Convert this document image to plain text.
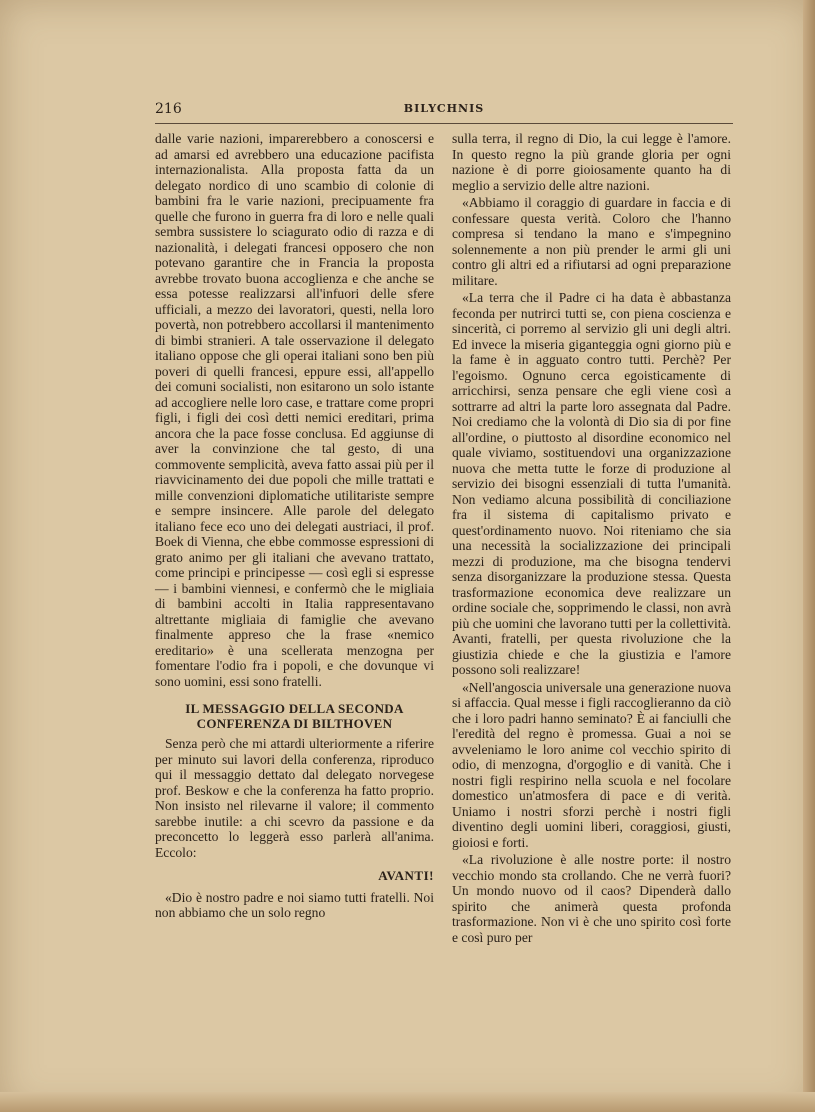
216	BILYCHNIS

dalle varie nazioni, imparerebbero a conoscersi e ad amarsi ed avrebbero una educazione pacifista internazionalista. Alla proposta fatta da un delegato nordico di uno scambio di colonie di bambini fra le varie nazioni, precipuamente fra quelle che furono in guerra fra di loro e nelle quali sembra sussistere lo sciagurato odio di razza e di nazionalità, i delegati francesi opposero che non potevano garantire che in Francia la proposta avrebbe trovato buona accoglienza e che anche se essa potesse realizzarsi all'infuori delle sfere ufficiali, a mezzo dei lavoratori, questi, nella loro povertà, non potrebbero accollarsi il mantenimento di bimbi stranieri. A tale osservazione il delegato italiano oppose che gli operai italiani sono ben più poveri di quelli francesi, eppure essi, all'appello dei comuni socialisti, non esitarono un solo istante ad accogliere nelle loro case, e trattare come propri figli, i figli dei così detti nemici ereditari, prima ancora che la pace fosse conclusa. Ed aggiunse di aver la convinzione che tal gesto, di una commovente semplicità, aveva fatto assai più per il riavvicinamento dei due popoli che mille trattati e mille convenzioni diplomatiche utilitariste sempre e sempre insincere. Alle parole del delegato italiano fece eco uno dei delegati austriaci, il prof. Boek di Vienna, che ebbe commosse espressioni di grato animo per gli italiani che avevano trattato, come principi e principesse — così egli si espresse — i bambini viennesi, e confermò che le migliaia di bambini accolti in Italia rappresentavano altrettante migliaia di famiglie che avevano finalmente appreso che la frase «nemico ereditario» è una scellerata menzogna per fomentare l'odio fra i popoli, e che dovunque vi sono uomini, essi sono fratelli.

IL MESSAGGIO DELLA SECONDA CONFERENZA DI BILTHOVEN

Senza però che mi attardi ulteriormente a riferire per minuto sui lavori della conferenza, riproduco qui il messaggio dettato dal delegato norvegese prof. Beskow e che la conferenza ha fatto proprio. Non insisto nel rilevarne il valore; il commento sarebbe inutile: a chi scevro da passione e da preconcetto lo leggerà esso parlerà all'anima. Eccolo:

AVANTI!

«Dio è nostro padre e noi siamo tutti fratelli. Noi non abbiamo che un solo regno

sulla terra, il regno di Dio, la cui legge è l'amore. In questo regno la più grande gloria per ogni nazione è di porre gioiosamente quanto ha di meglio a servizio delle altre nazioni.

«Abbiamo il coraggio di guardare in faccia e di confessare questa verità. Coloro che l'hanno compresa si tendano la mano e s'impegnino solennemente a non più prender le armi gli uni contro gli altri ed a rifiutarsi ad ogni preparazione militare.

«La terra che il Padre ci ha data è abbastanza feconda per nutrirci tutti se, con piena coscienza e sincerità, ci porremo al servizio gli uni degli altri. Ed invece la miseria giganteggia ogni giorno più e la fame è in agguato contro tutti. Perchè? Per l'egoismo. Ognuno cerca egoisticamente di arricchirsi, senza pensare che egli viene così a sottrarre ad altri la parte loro assegnata dal Padre. Noi crediamo che la volontà di Dio sia di por fine all'ordine, o piuttosto al disordine economico nel quale viviamo, sostituendovi una organizzazione nuova che metta tutte le forze di produzione al servizio dei bisogni essenziali di tutta l'umanità. Non vediamo alcuna possibilità di conciliazione fra il sistema di capitalismo privato e quest'ordinamento nuovo. Noi riteniamo che sia una necessità la socializzazione dei principali mezzi di produzione, ma che bisogna tendervi senza disorganizzare la produzione stessa. Questa trasformazione economica deve realizzare un ordine sociale che, sopprimendo le classi, non avrà più che uomini che lavorano tutti per la collettività. Avanti, fratelli, per questa rivoluzione che la giustizia chiede e che la giustizia e l'amore possono soli realizzare!

«Nell'angoscia universale una generazione nuova si affaccia. Qual messe i figli raccoglieranno da ciò che i loro padri hanno seminato? È ai fanciulli che l'eredità del regno è promessa. Guai a noi se avveleniamo le loro anime col vecchio spirito di odio, di menzogna, d'orgoglio e di vanità. Che i nostri figli respirino nella scuola e nel focolare domestico un'atmosfera di pace e di verità. Uniamo i nostri sforzi perchè i nostri figli diventino degli uomini liberi, coraggiosi, giusti, gioiosi e forti.

«La rivoluzione è alle nostre porte: il nostro vecchio mondo sta crollando. Che ne verrà fuori? Un mondo nuovo od il caos? Dipenderà dallo spirito che animerà questa profonda trasformazione. Non vi è che uno spirito così forte e così puro per
